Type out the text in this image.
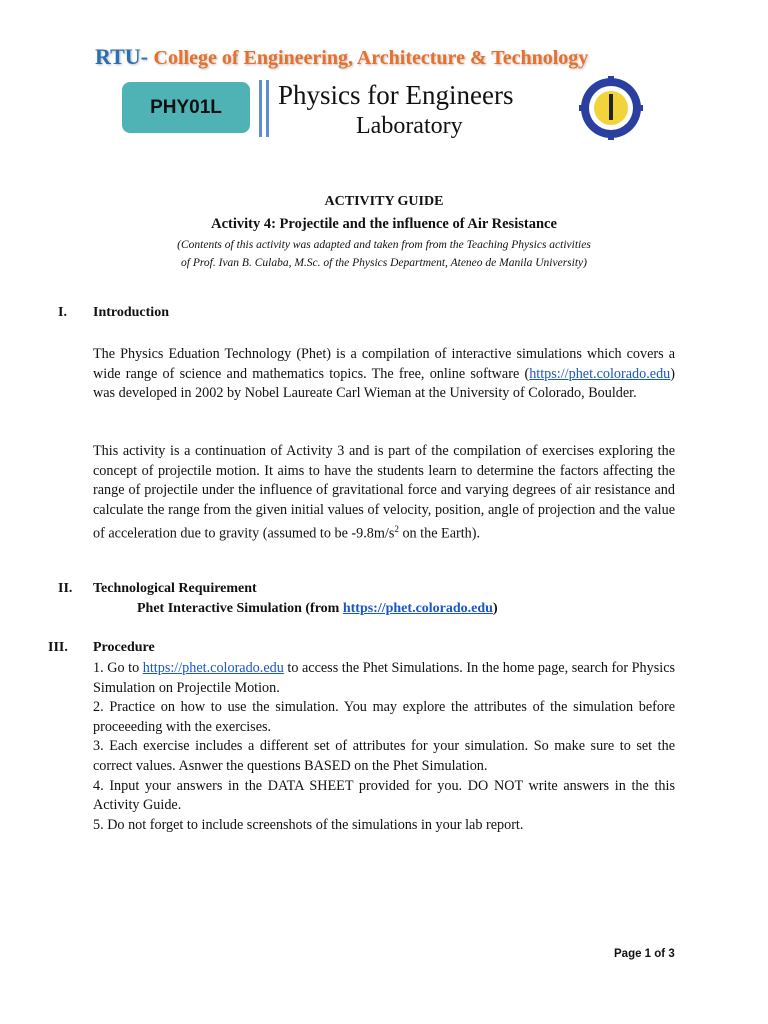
RTU- College of Engineering, Architecture & Technology
PHY01L	Physics for Engineers
Laboratory
ACTIVITY GUIDE
Activity 4: Projectile and the influence of Air Resistance
(Contents of this activity was adapted and taken from from the Teaching Physics activities
of Prof. Ivan B. Culaba, M.Sc. of the Physics Department, Ateneo de Manila University)
I. Introduction
The Physics Eduation Technology (Phet) is a compilation of interactive simulations which covers a wide range of science and mathematics topics. The free, online software (https://phet.colorado.edu) was developed in 2002 by Nobel Laureate Carl Wieman at the University of Colorado, Boulder.
This activity is a continuation of Activity 3 and is part of the compilation of exercises exploring the concept of projectile motion. It aims to have the students learn to determine the factors affecting the range of projectile under the influence of gravitational force and varying degrees of air resistance and calculate the range from the given initial values of velocity, position, angle of projection and the value of acceleration due to gravity (assumed to be $-9.8m/s^2$ on the Earth).
II. Technological Requirement
Phet Interactive Simulation (from https://phet.colorado.edu)
III. Procedure
1. Go to https://phet.colorado.edu to access the Phet Simulations. In the home page, search for Physics Simulation on Projectile Motion.
2. Practice on how to use the simulation. You may explore the attributes of the simulation before proceeeding with the exercises.
3. Each exercise includes a different set of attributes for your simulation. So make sure to set the correct values. Asnwer the questions BASED on the Phet Simulation.
4. Input your answers in the DATA SHEET provided for you. DO NOT write answers in the this Activity Guide.
5. Do not forget to include screenshots of the simulations in your lab report.
Page 1 of 3
